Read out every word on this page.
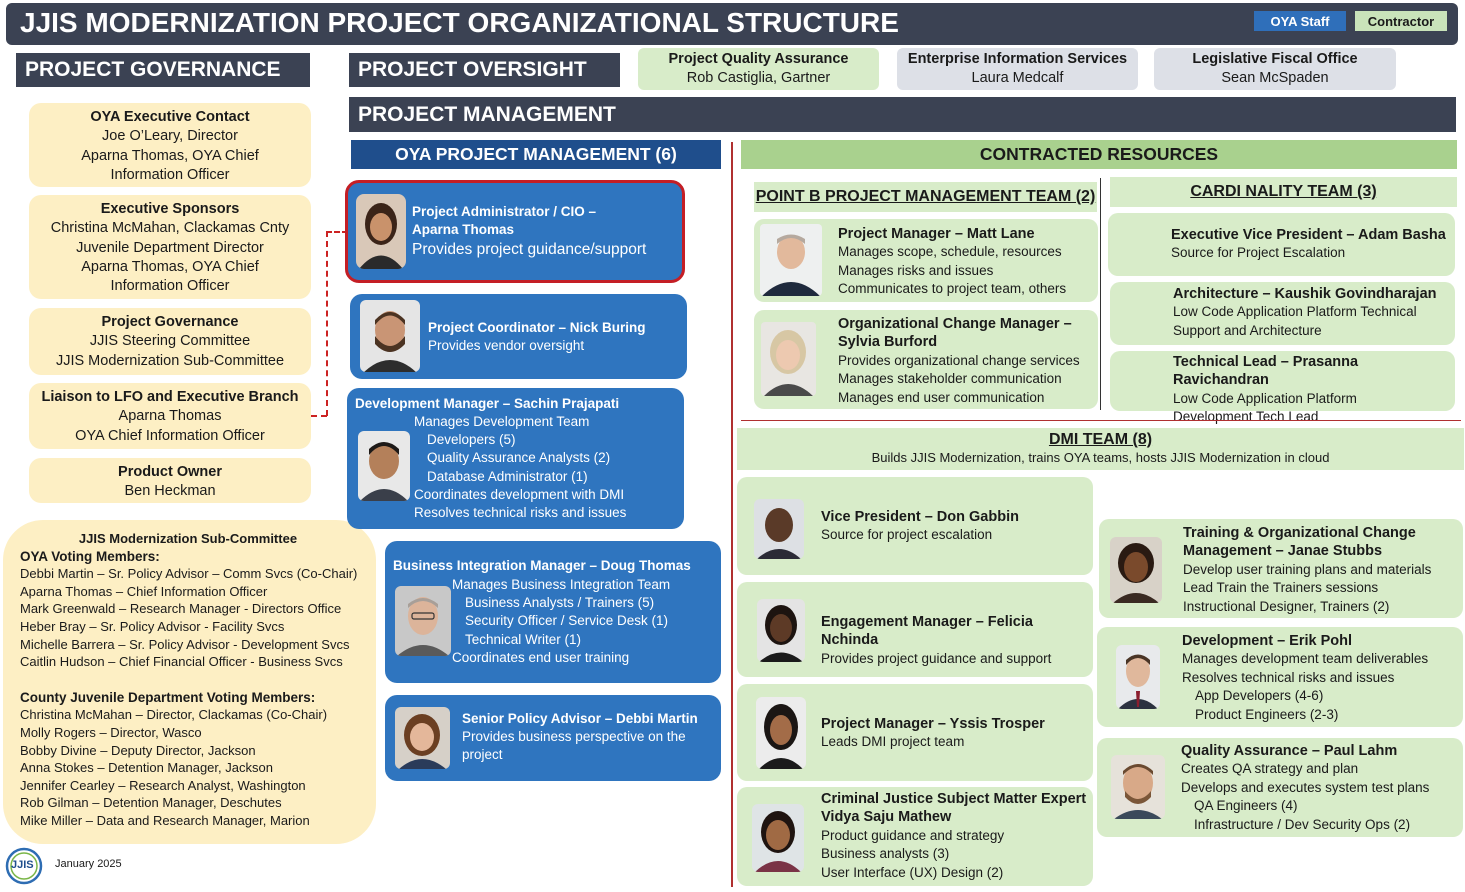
JJIS MODERNIZATION PROJECT ORGANIZATIONAL STRUCTURE	OYA Staff	Contractor
PROJECT GOVERNANCE
OYA Executive Contact
Joe O’Leary, Director
Aparna Thomas, OYA Chief
Information Officer
Executive Sponsors
Christina McMahan, Clackamas Cnty
Juvenile Department Director
Aparna Thomas, OYA Chief
Information Officer
Project Governance
JJIS Steering Committee
JJIS Modernization Sub-Committee
Liaison to LFO and Executive Branch
Aparna Thomas
OYA Chief Information Officer
Product Owner
Ben Heckman
JJIS Modernization Sub-Committee
OYA Voting Members:
Debbi Martin – Sr. Policy Advisor – Comm Svcs (Co-Chair)
Aparna Thomas – Chief Information Officer
Mark Greenwald – Research Manager - Directors Office
Heber Bray – Sr. Policy Advisor - Facility Svcs
Michelle Barrera – Sr. Policy Advisor - Development Svcs
Caitlin Hudson – Chief Financial Officer - Business Svcs
County Juvenile Department Voting Members:
Christina McMahan – Director, Clackamas (Co-Chair)
Molly Rogers – Director, Wasco
Bobby Divine – Deputy Director, Jackson
Anna Stokes – Detention Manager, Jackson
Jennifer Cearley – Research Analyst, Washington
Rob Gilman – Detention Manager, Deschutes
Mike Miller – Data and Research Manager, Marion
JJIS January 2025
PROJECT OVERSIGHT	Project Quality Assurance
Rob Castiglia, Gartner
Enterprise Information Services
Laura Medcalf
Legislative Fiscal Office
Sean McSpaden
PROJECT MANAGEMENT
OYA PROJECT MANAGEMENT (6)	CONTRACTED RESOURCES
Project Administrator / CIO –
Aparna Thomas
Provides project guidance/support
Project Coordinator – Nick Buring
Provides vendor oversight
Development Manager – Sachin Prajapati
Manages Development Team
Developers (5)
Quality Assurance Analysts (2)
Database Administrator (1)
Coordinates development with DMI
Resolves technical risks and issues
Business Integration Manager – Doug Thomas
Manages Business Integration Team
Business Analysts / Trainers (5)
Security Officer / Service Desk (1)
Technical Writer (1)
Coordinates end user training
Senior Policy Advisor – Debbi Martin
Provides business perspective on the
project
POINT B PROJECT MANAGEMENT TEAM (2)
Project Manager – Matt Lane
Manages scope, schedule, resources
Manages risks and issues
Communicates to project team, others
Organizational Change Manager –
Sylvia Burford
Provides organizational change services
Manages stakeholder communication
Manages end user communication
CARDI NALITY TEAM (3)
Executive Vice President – Adam Basha
Source for Project Escalation
Architecture – Kaushik Govindharajan
Low Code Application Platform Technical
Support and Architecture
Technical Lead – Prasanna Ravichandran
Low Code Application Platform
Development Tech Lead
DMI TEAM (8)
Builds JJIS Modernization, trains OYA teams, hosts JJIS Modernization in cloud
Vice President – Don Gabbin
Source for project escalation
Engagement Manager – Felicia Nchinda
Provides project guidance and support
Project Manager – Yssis Trosper
Leads DMI project team
Criminal Justice Subject Matter Expert
Vidya Saju Mathew
Product guidance and strategy
Business analysts (3)
User Interface (UX) Design (2)
Training & Organizational Change
Management – Janae Stubbs
Develop user training plans and materials
Lead Train the Trainers sessions
Instructional Designer, Trainers (2)
Development – Erik Pohl
Manages development team deliverables
Resolves technical risks and issues
App Developers (4-6)
Product Engineers (2-3)
Quality Assurance – Paul Lahm
Creates QA strategy and plan
Develops and executes system test plans
QA Engineers (4)
Infrastructure / Dev Security Ops (2)
